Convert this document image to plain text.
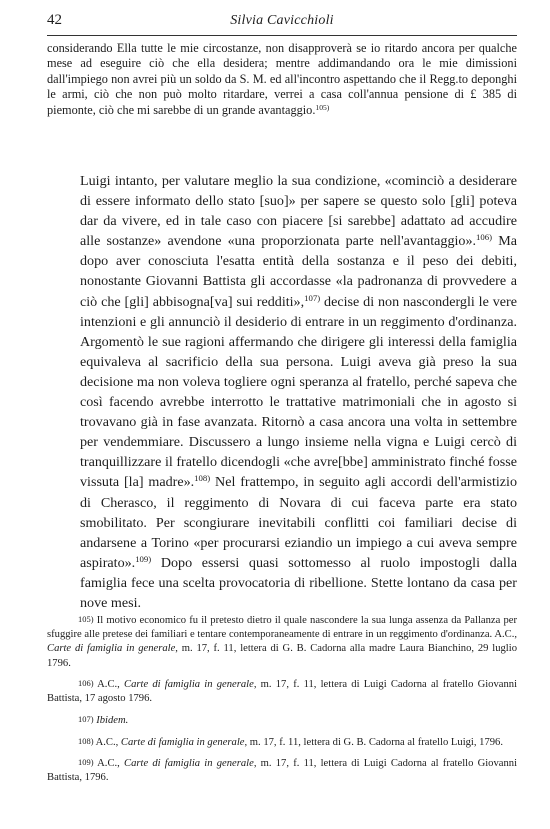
42	Silvia Cavicchioli

considerando Ella tutte le mie circostanze, non disapproverà se io ritardo ancora per qualche mese ad eseguire ciò che ella desidera; mentre addimandando ora le mie dimissioni dall'impiego non avrei più un soldo da S. M. ed all'incontro aspettando che il Regg.to deponghi le armi, ciò che non può molto ritardare, verrei a casa coll'annua pensione di £ 385 di piemonte, ciò che mi sarebbe di un grande avantaggio.$^{105)}$

Luigi intanto, per valutare meglio la sua condizione, «cominciò a desiderare di essere informato dello stato [suo]» per sapere se questo solo [gli] poteva dar da vivere, ed in tale caso con piacere [si sarebbe] adattato ad accudire alle sostanze» avendone «una proporzionata parte nell'avantaggio».$^{106)}$ Ma dopo aver conosciuta l'esatta entità della sostanza e il peso dei debiti, nonostante Giovanni Battista gli accordasse «la padronanza di provvedere a ciò che [gli] abbisogna[va] sui redditi»,$^{107)}$ decise di non nascondergli le vere intenzioni e gli annunciò il desiderio di entrare in un reggimento d'ordinanza. Argomentò le sue ragioni affermando che dirigere gli interessi della famiglia equivaleva al sacrificio della sua persona. Luigi aveva già preso la sua decisione ma non voleva togliere ogni speranza al fratello, perché sapeva che così facendo avrebbe interrotto le trattative matrimoniali che in agosto si trovavano già in fase avanzata. Ritornò a casa ancora una volta in settembre per vendemmiare. Discussero a lungo insieme nella vigna e Luigi cercò di tranquillizzare il fratello dicendogli «che avre[bbe] amministrato finché fosse vissuta [la] madre».$^{108)}$ Nel frattempo, in seguito agli accordi dell'armistizio di Cherasco, il reggimento di Novara di cui faceva parte era stato smobilitato. Per scongiurare inevitabili conflitti coi familiari decise di andarsene a Torino «per procurarsi eziandio un impiego a cui aveva sempre aspirato».$^{109)}$ Dopo essersi quasi sottomesso al ruolo impostogli dalla famiglia fece una scelta provocatoria di ribellione. Stette lontano da casa per nove mesi.

105) Il motivo economico fu il pretesto dietro il quale nascondere la sua lunga assenza da Pallanza per sfuggire alle pretese dei familiari e tentare contemporaneamente di entrare in un reggimento d'ordinanza. A.C., Carte di famiglia in generale, m. 17, f. 11, lettera di G. B. Cadorna alla madre Laura Bianchino, 29 luglio 1796.

106) A.C., Carte di famiglia in generale, m. 17, f. 11, lettera di Luigi Cadorna al fratello Giovanni Battista, 17 agosto 1796.

107) Ibidem.

108) A.C., Carte di famiglia in generale, m. 17, f. 11, lettera di G. B. Cadorna al fratello Luigi, 1796.

109) A.C., Carte di famiglia in generale, m. 17, f. 11, lettera di Luigi Cadorna al fratello Giovanni Battista, 1796.
